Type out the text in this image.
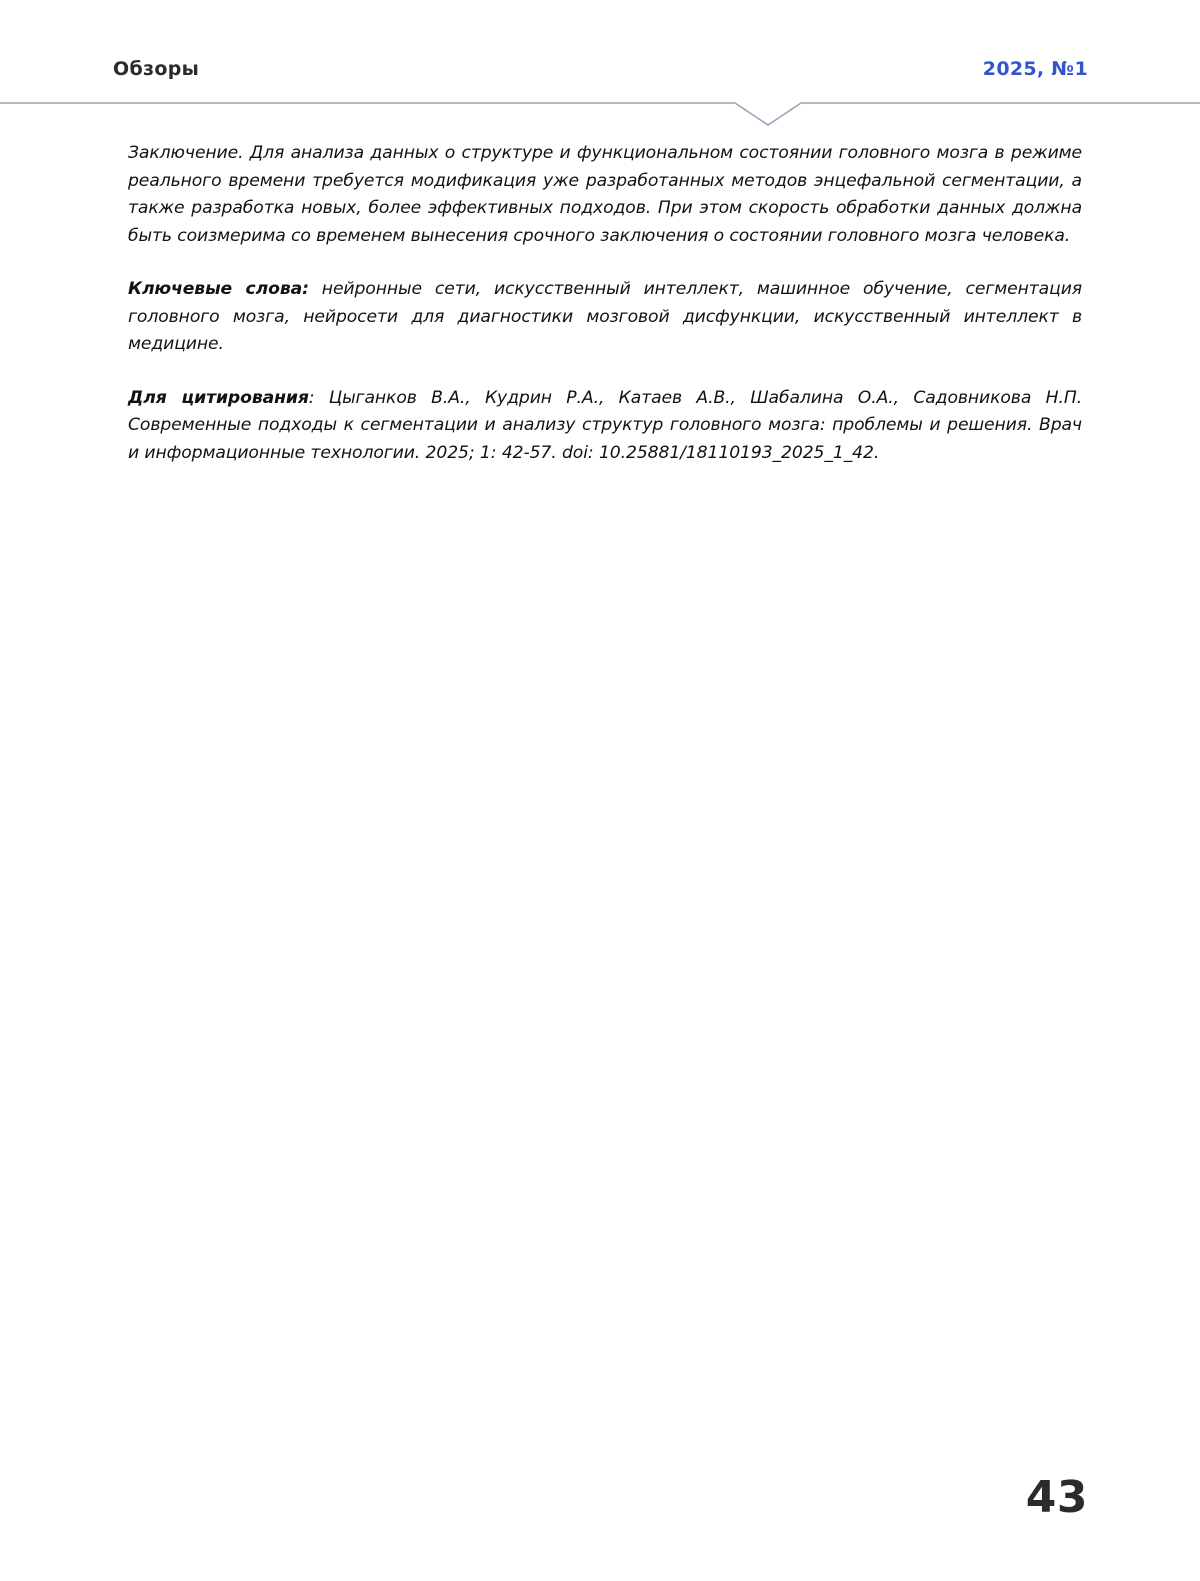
Обзоры	2025, №1

Заключение. Для анализа данных о структуре и функциональном состоянии головного мозга в режиме реального времени требуется модификация уже разработанных методов энцефальной сегментации, а также разработка новых, более эффективных подходов. При этом скорость обработки данных должна быть соизмерима со временем вынесения срочного заключения о состоянии головного мозга человека.

Ключевые слова: нейронные сети, искусственный интеллект, машинное обучение, сегментация головного мозга, нейросети для диагностики мозговой дисфункции, искусственный интеллект в медицине.

Для цитирования: Цыганков В.А., Кудрин Р.А., Катаев А.В., Шабалина О.А., Садовникова Н.П. Современные подходы к сегментации и анализу структур головного мозга: проблемы и решения. Врач и информационные технологии. 2025; 1: 42-57. doi: 10.25881/18110193_2025_1_42.

43
